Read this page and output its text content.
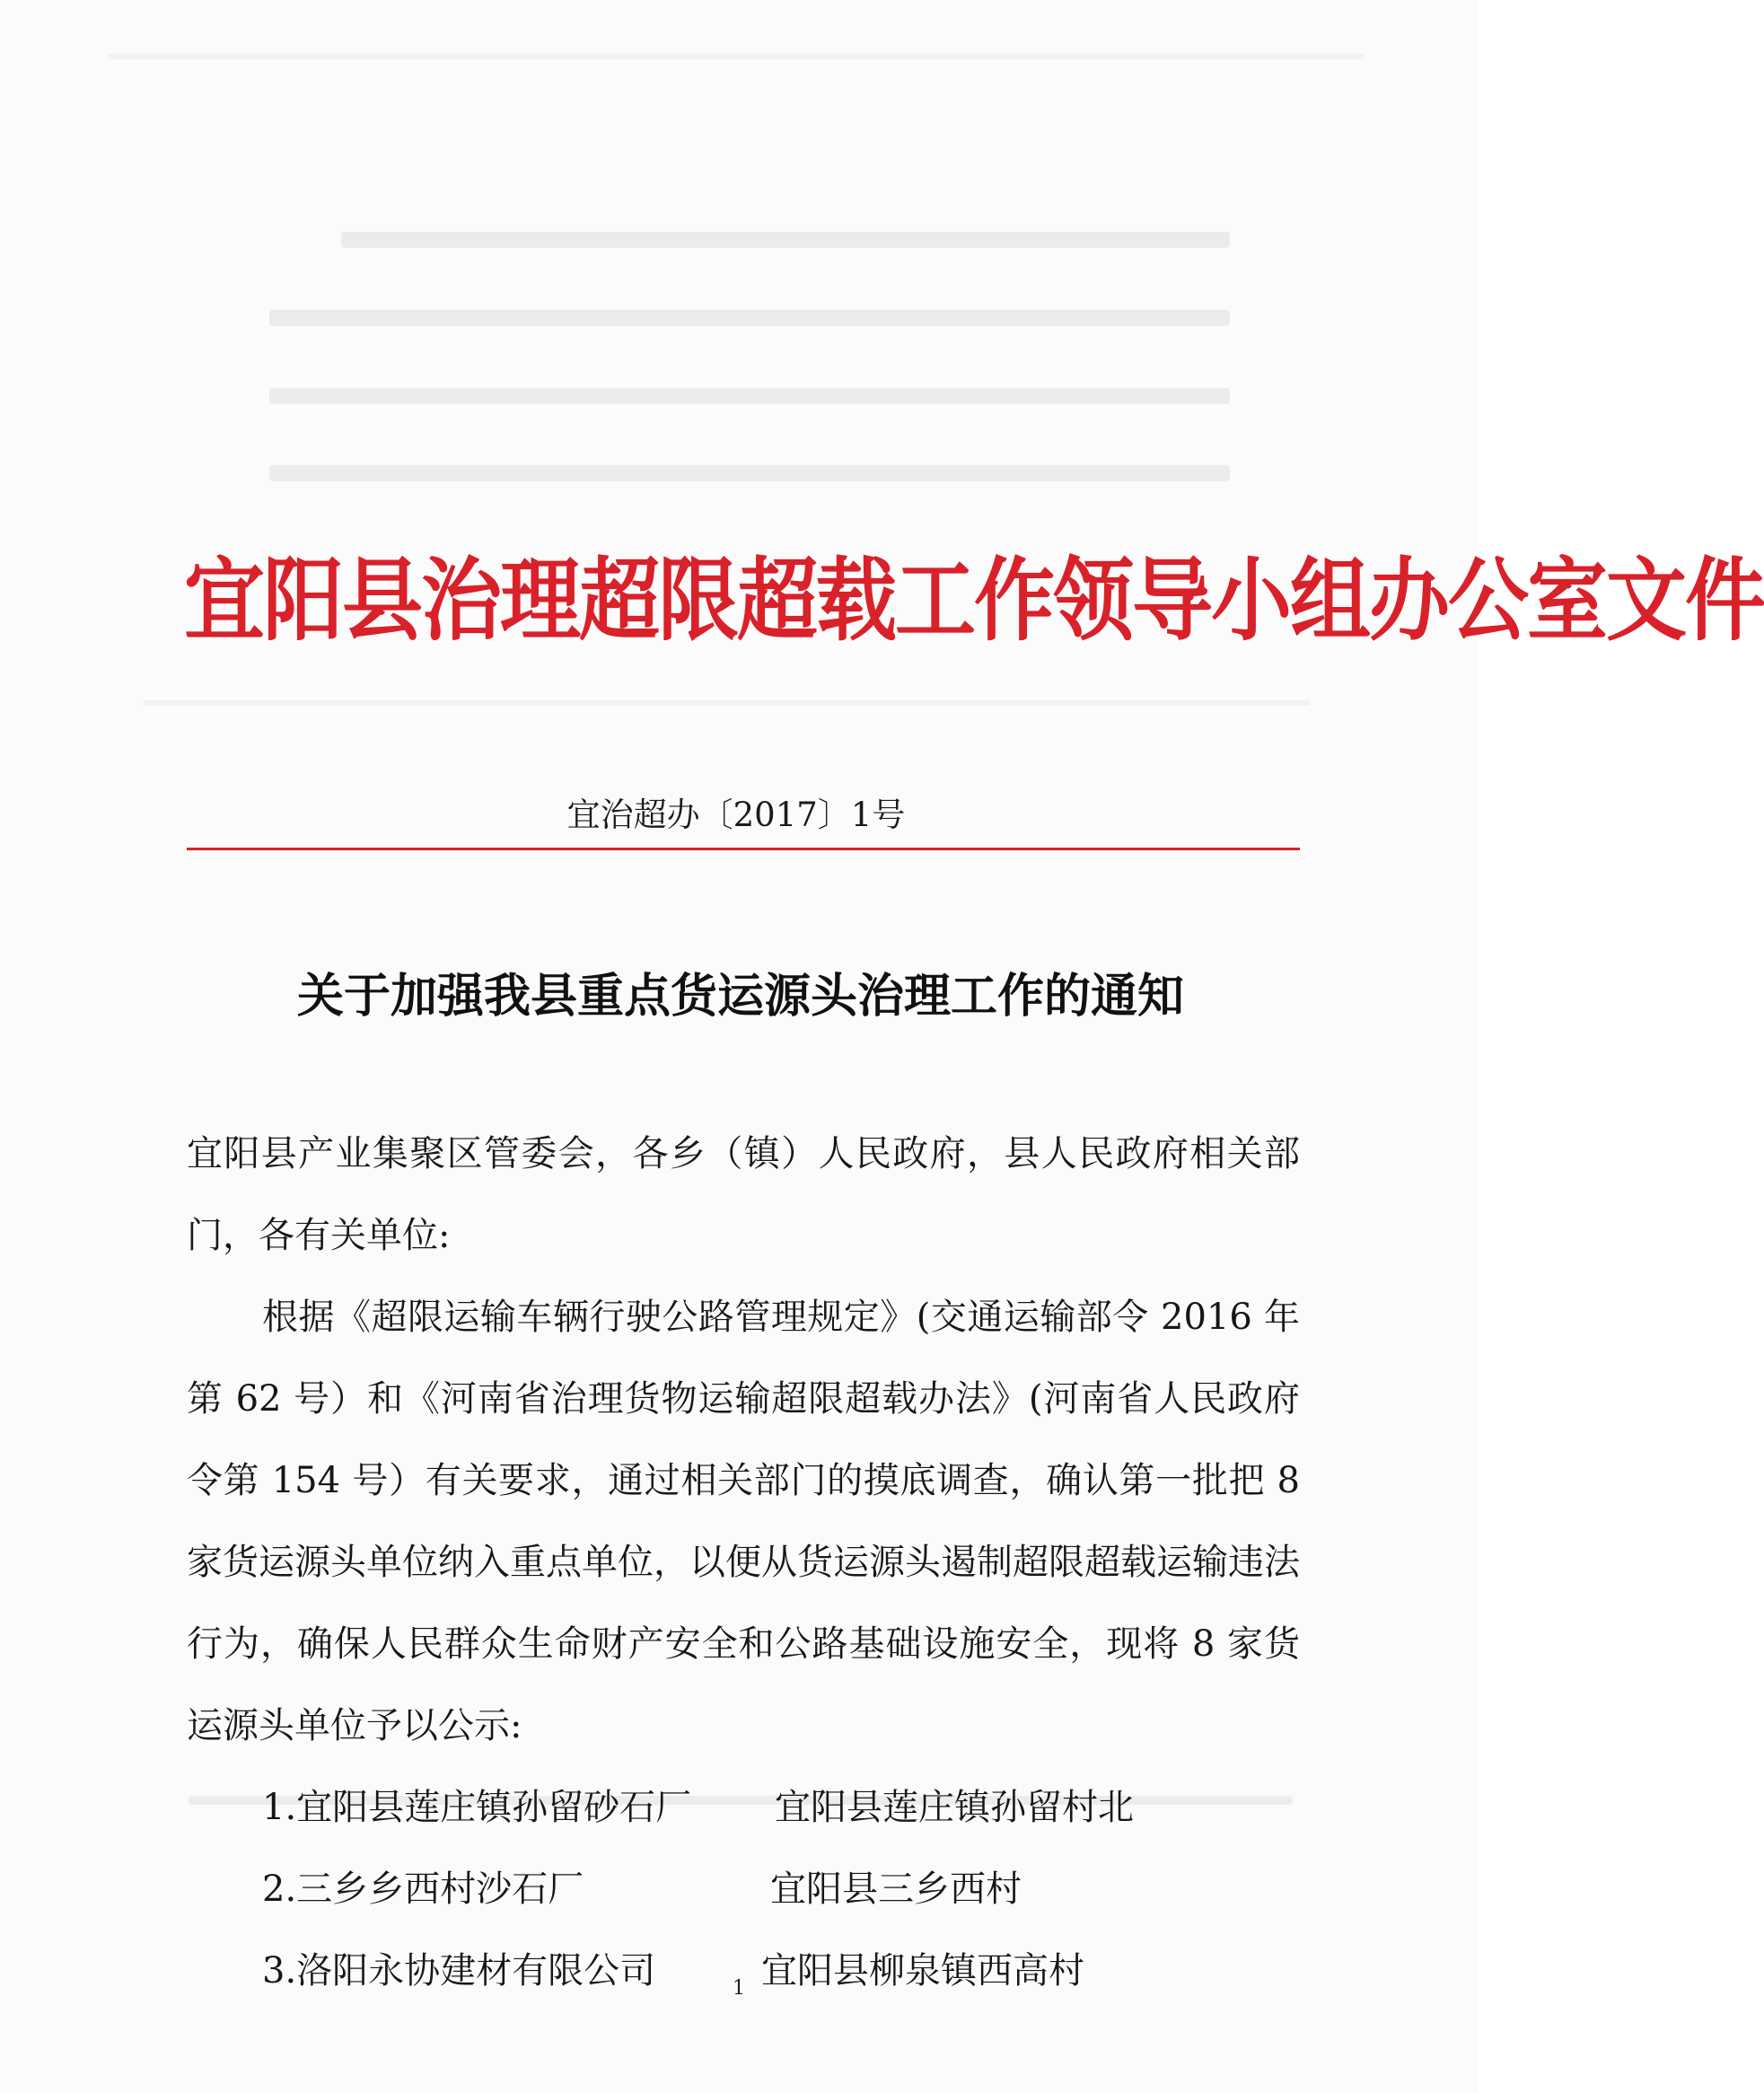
宜阳县治理超限超载工作领导小组办公室文件
宜治超办〔2017〕1号
关于加强我县重点货运源头治理工作的通知

宜阳县产业集聚区管委会，各乡（镇）人民政府，县人民政府相关部门，各有关单位:

根据《超限运输车辆行驶公路管理规定》(交通运输部令 2016 年第 62 号）和《河南省治理货物运输超限超载办法》(河南省人民政府令第 154 号）有关要求，通过相关部门的摸底调查，确认第一批把 8 家货运源头单位纳入重点单位，以便从货运源头遏制超限超载运输违法行为，确保人民群众生命财产安全和公路基础设施安全，现将 8 家货运源头单位予以公示:

1.宜阳县莲庄镇孙留砂石厂 宜阳县莲庄镇孙留村北
2.三乡乡西村沙石厂	宜阳县三乡西村
3.洛阳永协建材有限公司	宜阳县柳泉镇西高村
1
